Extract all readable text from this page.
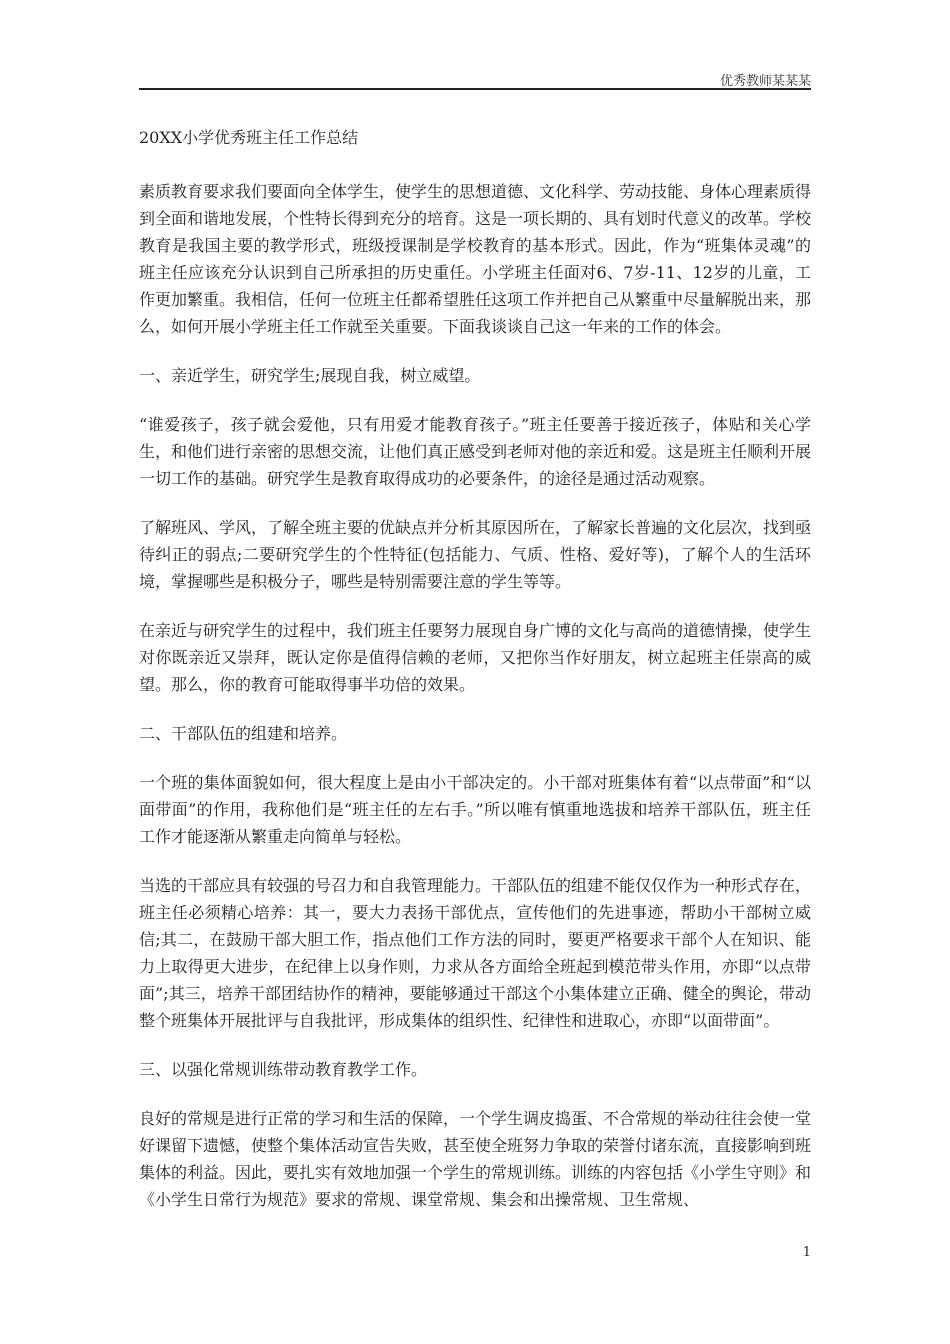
优秀教师某某某
20XX小学优秀班主任工作总结

素质教育要求我们要面向全体学生，使学生的思想道德、文化科学、劳动技能、身体心理素质得到全面和谐地发展，个性特长得到充分的培育。这是一项长期的、具有划时代意义的改革。学校教育是我国主要的教学形式，班级授课制是学校教育的基本形式。因此，作为“班集体灵魂”的班主任应该充分认识到自己所承担的历史重任。小学班主任面对6、7岁-11、12岁的儿童，工作更加繁重。我相信，任何一位班主任都希望胜任这项工作并把自己从繁重中尽量解脱出来，那么，如何开展小学班主任工作就至关重要。下面我谈谈自己这一年来的工作的体会。

一、亲近学生，研究学生;展现自我，树立威望。

“谁爱孩子，孩子就会爱他，只有用爱才能教育孩子。”班主任要善于接近孩子，体贴和关心学生，和他们进行亲密的思想交流，让他们真正感受到老师对他的亲近和爱。这是班主任顺利开展一切工作的基础。研究学生是教育取得成功的必要条件，的途径是通过活动观察。

了解班风、学风，了解全班主要的优缺点并分析其原因所在，了解家长普遍的文化层次，找到亟待纠正的弱点;二要研究学生的个性特征(包括能力、气质、性格、爱好等)，了解个人的生活环境，掌握哪些是积极分子，哪些是特别需要注意的学生等等。

在亲近与研究学生的过程中，我们班主任要努力展现自身广博的文化与高尚的道德情操，使学生对你既亲近又崇拜，既认定你是值得信赖的老师，又把你当作好朋友，树立起班主任崇高的威望。那么，你的教育可能取得事半功倍的效果。

二、干部队伍的组建和培养。

一个班的集体面貌如何，很大程度上是由小干部决定的。小干部对班集体有着“以点带面”和“以面带面”的作用，我称他们是“班主任的左右手。”所以唯有慎重地选拔和培养干部队伍，班主任工作才能逐渐从繁重走向简单与轻松。

当选的干部应具有较强的号召力和自我管理能力。干部队伍的组建不能仅仅作为一种形式存在，班主任必须精心培养：其一，要大力表扬干部优点，宣传他们的先进事迹，帮助小干部树立威信;其二，在鼓励干部大胆工作，指点他们工作方法的同时，要更严格要求干部个人在知识、能力上取得更大进步，在纪律上以身作则，力求从各方面给全班起到模范带头作用，亦即“以点带面”;其三，培养干部团结协作的精神，要能够通过干部这个小集体建立正确、健全的舆论，带动整个班集体开展批评与自我批评，形成集体的组织性、纪律性和进取心，亦即“以面带面”。

三、以强化常规训练带动教育教学工作。

良好的常规是进行正常的学习和生活的保障，一个学生调皮捣蛋、不合常规的举动往往会使一堂好课留下遗憾，使整个集体活动宣告失败，甚至使全班努力争取的荣誉付诸东流，直接影响到班集体的利益。因此，要扎实有效地加强一个学生的常规训练。训练的内容包括《小学生守则》和《小学生日常行为规范》要求的常规、课堂常规、集会和出操常规、卫生常规、

1
